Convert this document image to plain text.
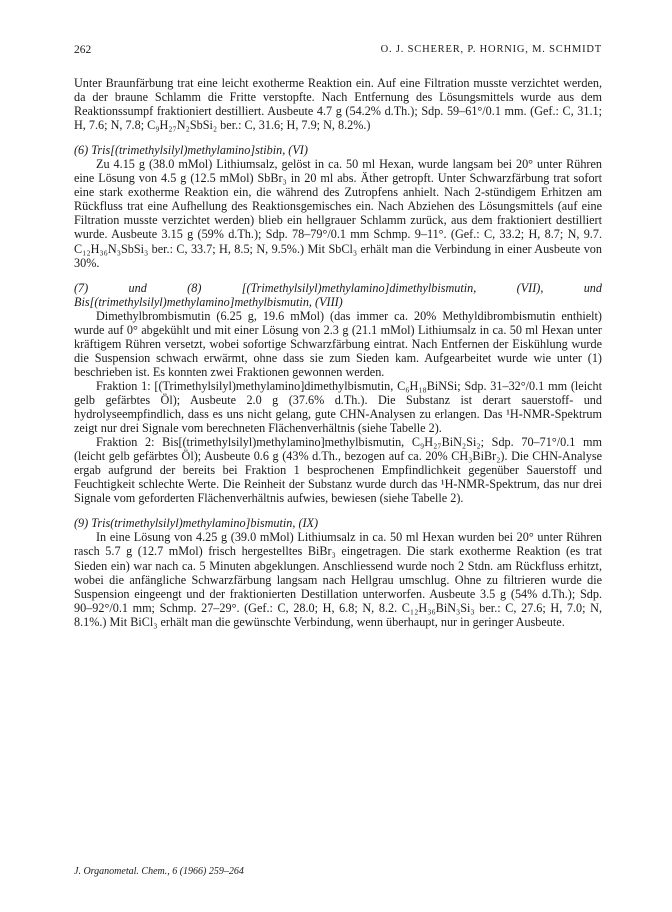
262	O. J. SCHERER, P. HORNIG, M. SCHMIDT

Unter Braunfärbung trat eine leicht exotherme Reaktion ein. Auf eine Filtration musste verzichtet werden, da der braune Schlamm die Fritte verstopfte. Nach Entfernung des Lösungsmittels wurde aus dem Reaktionssumpf fraktioniert destilliert. Ausbeute 4.7 g (54.2% d.Th.); Sdp. 59–61°/0.1 mm. (Gef.: C, 31.1; H, 7.6; N, 7.8; C₉H₂₇N₂SbSi₂ ber.: C, 31.6; H, 7.9; N, 8.2%.)

(6) Tris[(trimethylsilyl)methylamino]stibin, (VI)

Zu 4.15 g (38.0 mMol) Lithiumsalz, gelöst in ca. 50 ml Hexan, wurde langsam bei 20° unter Rühren eine Lösung von 4.5 g (12.5 mMol) SbBr₃ in 20 ml abs. Äther getropft. Unter Schwarzfärbung trat sofort eine stark exotherme Reaktion ein, die während des Zutropfens anhielt. Nach 2-stündigem Erhitzen am Rückfluss trat eine Aufhellung des Reaktionsgemisches ein. Nach Abziehen des Lösungsmittels (auf eine Filtration musste verzichtet werden) blieb ein hellgrauer Schlamm zurück, aus dem fraktioniert destilliert wurde. Ausbeute 3.15 g (59% d.Th.); Sdp. 78–79°/0.1 mm Schmp. 9–11°. (Gef.: C, 33.2; H, 8.7; N, 9.7. C₁₂H₃₆N₃SbSi₃ ber.: C, 33.7; H, 8.5; N, 9.5%.) Mit SbCl₃ erhält man die Verbindung in einer Ausbeute von 30%.

(7) und (8) [(Trimethylsilyl)methylamino]dimethylbismutin, (VII), und Bis[(trimethylsilyl)methylamino]methylbismutin, (VIII)

Dimethylbrombismutin (6.25 g, 19.6 mMol) (das immer ca. 20% Methyldibrombismutin enthielt) wurde auf 0° abgekühlt und mit einer Lösung von 2.3 g (21.1 mMol) Lithiumsalz in ca. 50 ml Hexan unter kräftigem Rühren versetzt, wobei sofortige Schwarzfärbung eintrat. Nach Entfernen der Eiskühlung wurde die Suspension schwach erwärmt, ohne dass sie zum Sieden kam. Aufgearbeitet wurde wie unter (1) beschrieben ist. Es konnten zwei Fraktionen gewonnen werden.

Fraktion 1: [(Trimethylsilyl)methylamino]dimethylbismutin, C₆H₁₈BiNSi; Sdp. 31–32°/0.1 mm (leicht gelb gefärbtes Öl); Ausbeute 2.0 g (37.6% d.Th.). Die Substanz ist derart sauerstoff- und hydrolyseempfindlich, dass es uns nicht gelang, gute CHN-Analysen zu erlangen. Das ¹H-NMR-Spektrum zeigt nur drei Signale vom berechneten Flächenverhältnis (siehe Tabelle 2).

Fraktion 2: Bis[(trimethylsilyl)methylamino]methylbismutin, C₉H₂₇BiN₂Si₂; Sdp. 70–71°/0.1 mm (leicht gelb gefärbtes Öl); Ausbeute 0.6 g (43% d.Th., bezogen auf ca. 20% CH₃BiBr₂). Die CHN-Analyse ergab aufgrund der bereits bei Fraktion 1 besprochenen Empfindlichkeit gegenüber Sauerstoff und Feuchtigkeit schlechte Werte. Die Reinheit der Substanz wurde durch das ¹H-NMR-Spektrum, das nur drei Signale vom geforderten Flächenverhältnis aufwies, bewiesen (siehe Tabelle 2).

(9) Tris(trimethylsilyl)methylamino]bismutin, (IX)

In eine Lösung von 4.25 g (39.0 mMol) Lithiumsalz in ca. 50 ml Hexan wurden bei 20° unter Rühren rasch 5.7 g (12.7 mMol) frisch hergestelltes BiBr₃ eingetragen. Die stark exotherme Reaktion (es trat Sieden ein) war nach ca. 5 Minuten abgeklungen. Anschliessend wurde noch 2 Stdn. am Rückfluss erhitzt, wobei die anfängliche Schwarzfärbung langsam nach Hellgrau umschlug. Ohne zu filtrieren wurde die Suspension eingeengt und der fraktionierten Destillation unterworfen. Ausbeute 3.5 g (54% d.Th.); Sdp. 90–92°/0.1 mm; Schmp. 27–29°. (Gef.: C, 28.0; H, 6.8; N, 8.2. C₁₂H₃₆BiN₃Si₃ ber.: C, 27.6; H, 7.0; N, 8.1%.) Mit BiCl₃ erhält man die gewünschte Verbindung, wenn überhaupt, nur in geringer Ausbeute.

J. Organometal. Chem., 6 (1966) 259–264
